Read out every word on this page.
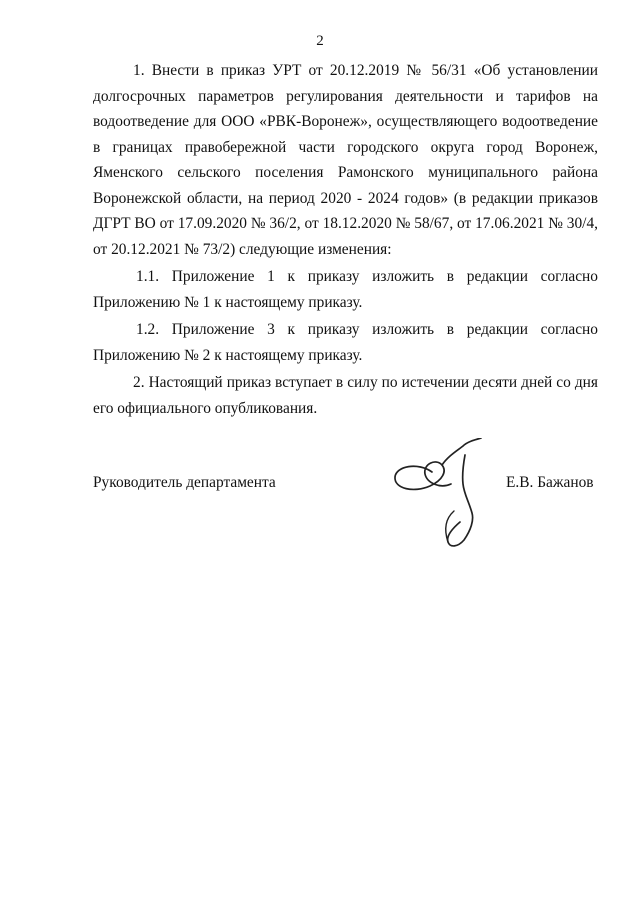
2

1. Внести в приказ УРТ от 20.12.2019 № 56/31 «Об установлении долгосрочных параметров регулирования деятельности и тарифов на водоотведение для ООО «РВК-Воронеж», осуществляющего водоотведение в границах правобережной части городского округа город Воронеж, Яменского сельского поселения Рамонского муниципального района Воронежской области, на период 2020 - 2024 годов» (в редакции приказов ДГРТ ВО от 17.09.2020 № 36/2, от 18.12.2020 № 58/67, от 17.06.2021 № 30/4, от 20.12.2021 № 73/2) следующие изменения:

1.1. Приложение 1 к приказу изложить в редакции согласно Приложению № 1 к настоящему приказу.

1.2. Приложение 3 к приказу изложить в редакции согласно Приложению № 2 к настоящему приказу.

2. Настоящий приказ вступает в силу по истечении десяти дней со дня его официального опубликования.

Руководитель департамента	Е.В. Бажанов
